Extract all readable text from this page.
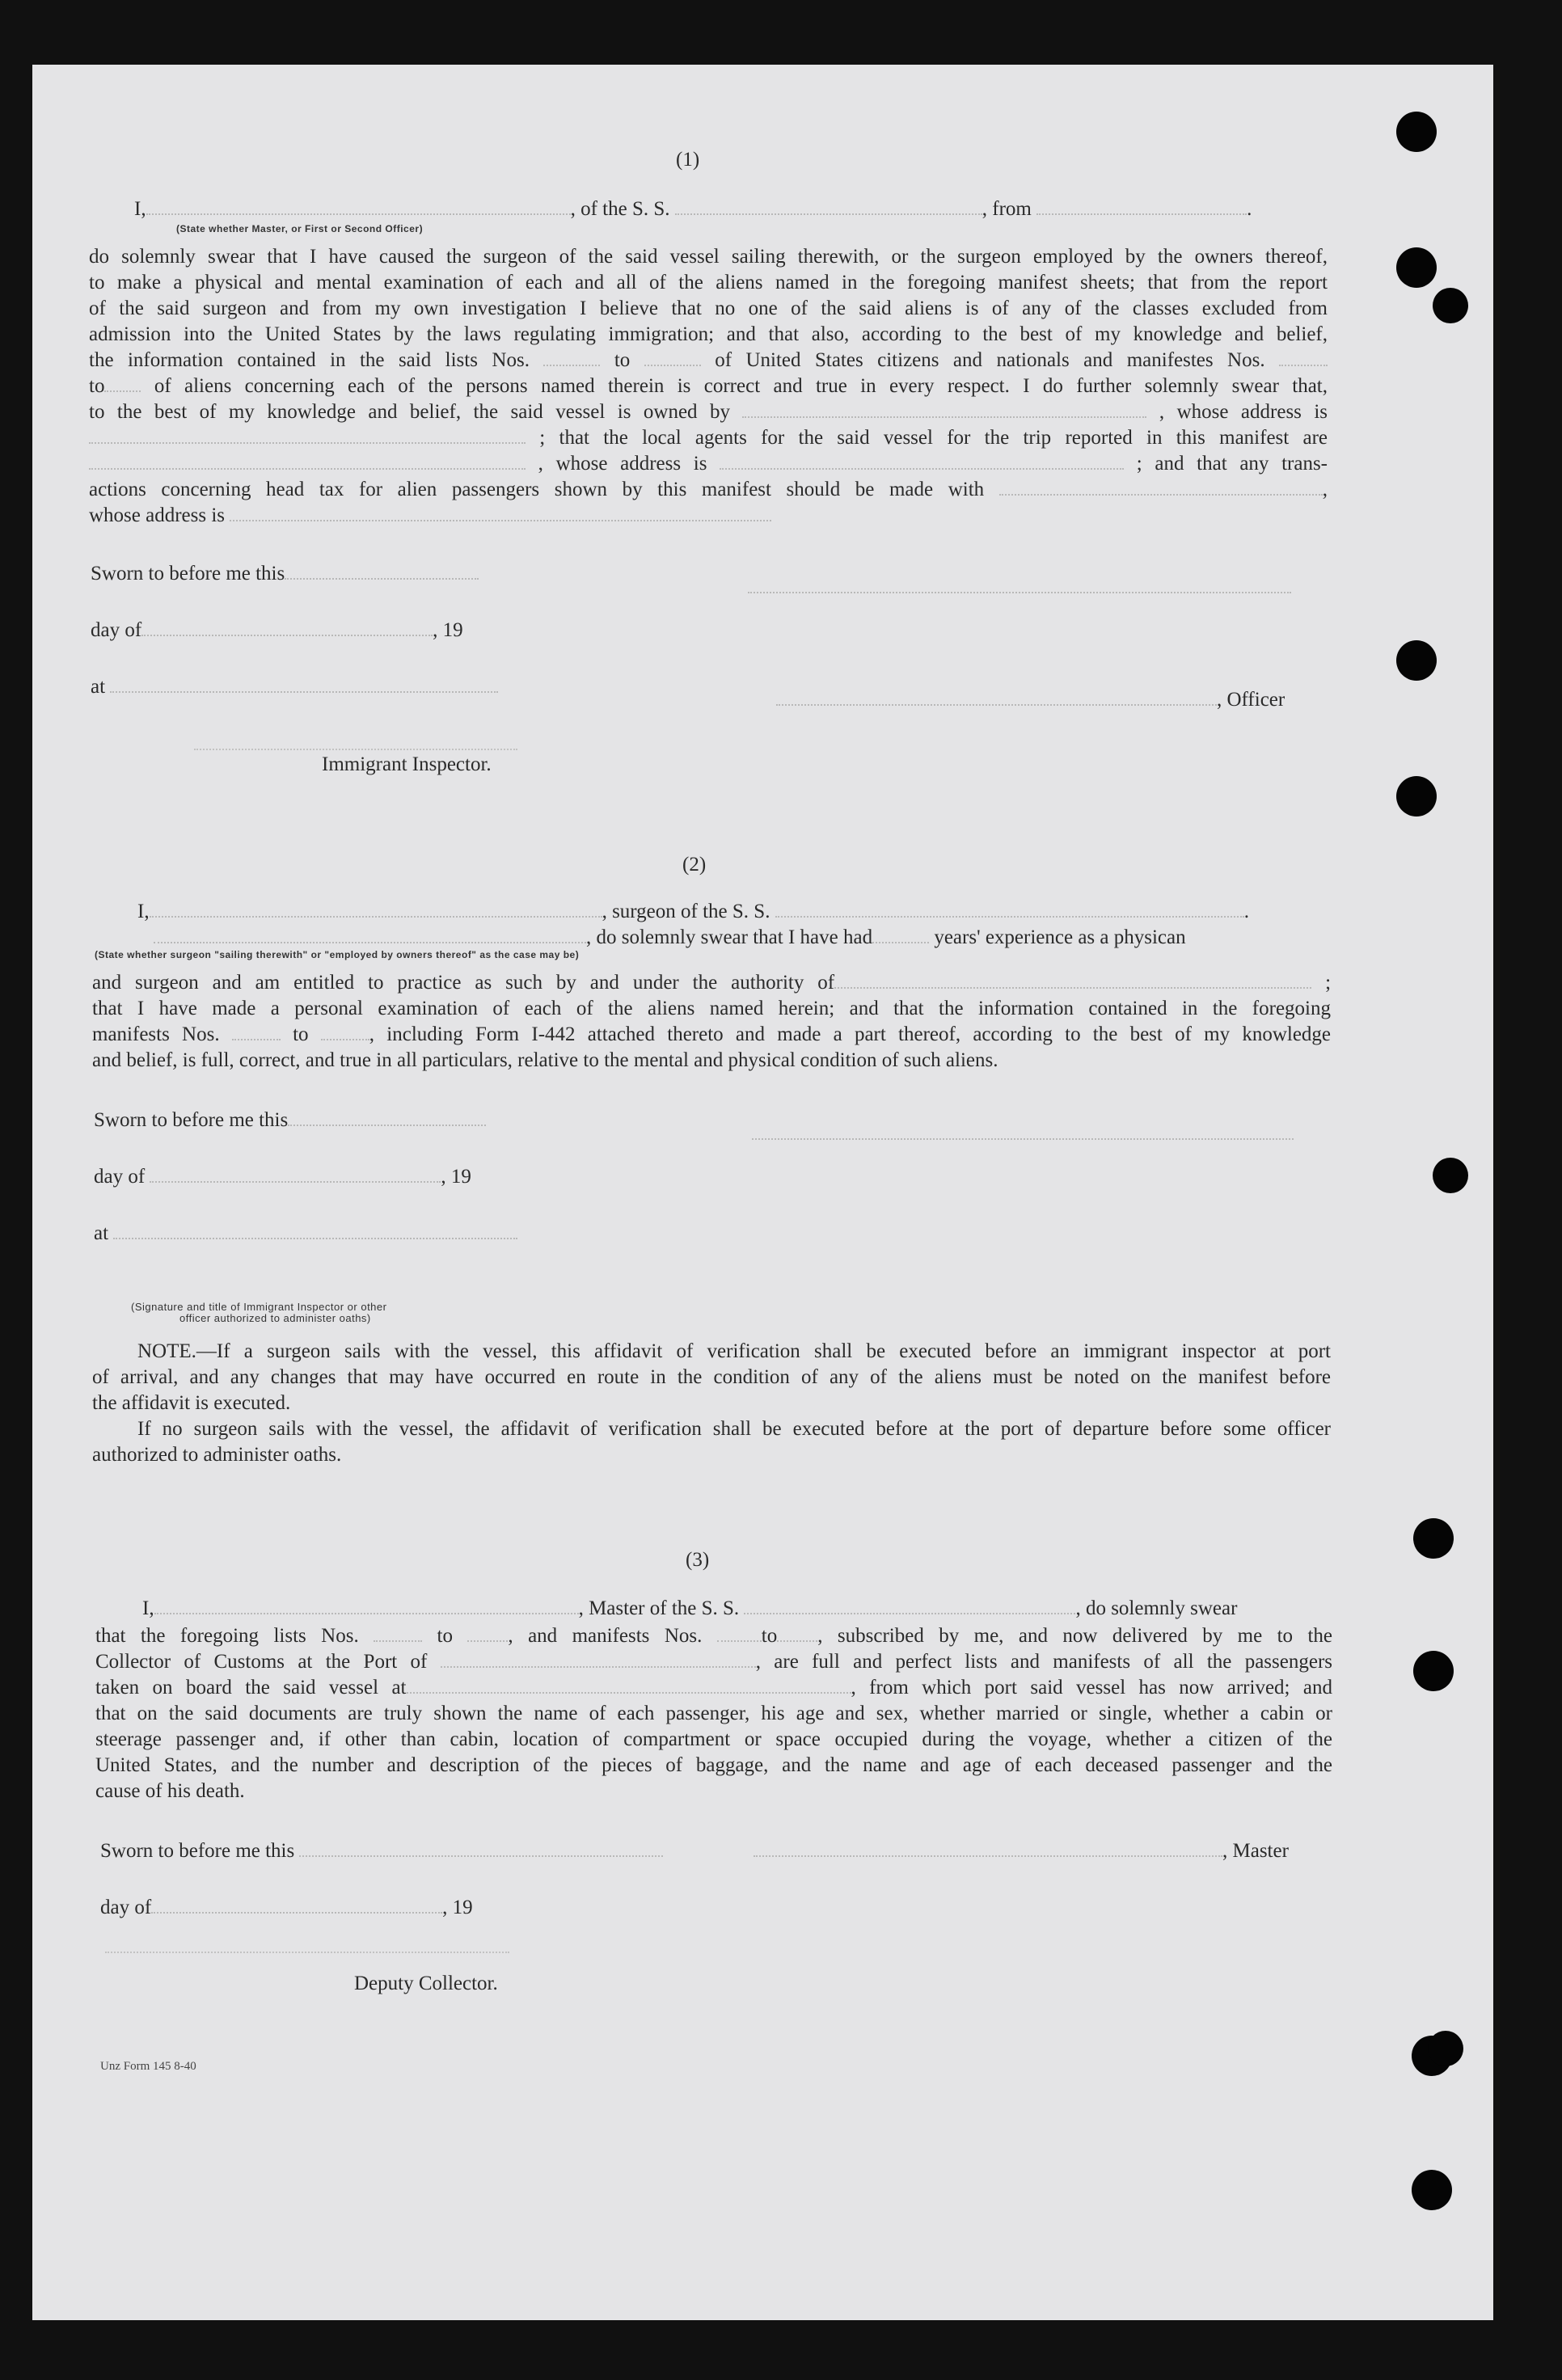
(1)
I,	, of the S. S.	, from	.
(State whether Master, or First or Second Officer)
do solemnly swear that I have caused the surgeon of the said vessel sailing therewith, or the surgeon employed by the owners thereof,
to make a physical and mental examination of each and all of the aliens named in the foregoing manifest sheets; that from the report
of the said surgeon and from my own investigation I believe that no one of the said aliens is of any of the classes excluded from
admission into the United States by the laws regulating immigration; and that also, according to the best of my knowledge and belief,
the information contained in the said lists Nos.	to	of United States citizens and nationals and manifestes Nos.
to of aliens concerning each of the persons named therein is correct and true in every respect. I do further solemnly swear that,
to the best of my knowledge and belief, the said vessel is owned by	, whose address is
; that the local agents for the said vessel for the trip reported in this manifest are
, whose address is	; and that any trans-
actions concerning head tax for alien passengers shown by this manifest should be made with	,
whose address is
Sworn to before me this
day of	, 19
at
, Officer
Immigrant Inspector.
(2)
I,	, surgeon of the S. S.	.
, do solemnly swear that I have had	years' experience as a physican
(State whether surgeon "sailing therewith" or "employed by owners thereof" as the case may be)
and surgeon and am entitled to practice as such by and under the authority of	;
that I have made a personal examination of each of the aliens named herein; and that the information contained in the foregoing
manifests Nos.	to	, including Form I-442 attached thereto and made a part thereof, according to the best of my knowledge
and belief, is full, correct, and true in all particulars, relative to the mental and physical condition of such aliens.
Sworn to before me this
day of	, 19
at
(Signature and title of Immigrant Inspector or other
officer authorized to administer oaths)
NOTE.—If a surgeon sails with the vessel, this affidavit of verification shall be executed before an immigrant inspector at port
of arrival, and any changes that may have occurred en route in the condition of any of the aliens must be noted on the manifest before
the affidavit is executed.
If no surgeon sails with the vessel, the affidavit of verification shall be executed before at the port of departure before some officer
authorized to administer oaths.
(3)
I,	, Master of the S. S.	, do solemnly swear
that the foregoing lists Nos.	to	, and manifests Nos.	to , subscribed by me, and now delivered by me to the
Collector of Customs at the Port of	, are full and perfect lists and manifests of all the passengers
taken on board the said vessel at	, from which port said vessel has now arrived; and
that on the said documents are truly shown the name of each passenger, his age and sex, whether married or single, whether a cabin or
steerage passenger and, if other than cabin, location of compartment or space occupied during the voyage, whether a citizen of the
United States, and the number and description of the pieces of baggage, and the name and age of each deceased passenger and the
cause of his death.
Sworn to before me this	, Master
day of	, 19
Deputy Collector.
Unz Form 145 8-40
